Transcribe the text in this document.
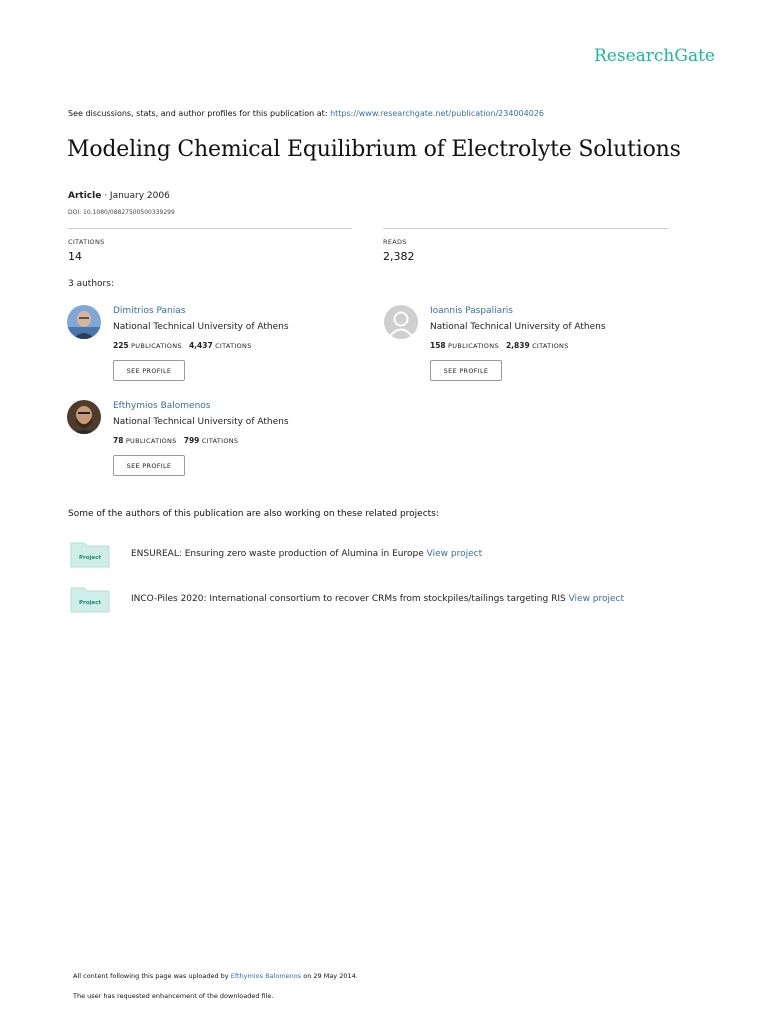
ResearchGate
See discussions, stats, and author profiles for this publication at: https://www.researchgate.net/publication/234004026
Modeling Chemical Equilibrium of Electrolyte Solutions
Article · January 2006
DOI: 10.1080/08827500500339299
CITATIONS
14
READS
2,382
3 authors:
Dimitrios Panias
National Technical University of Athens
225 PUBLICATIONS 4,437 CITATIONS
SEE PROFILE
Ioannis Paspaliaris
National Technical University of Athens
158 PUBLICATIONS 2,839 CITATIONS
SEE PROFILE
Efthymios Balomenos
National Technical University of Athens
78 PUBLICATIONS 799 CITATIONS
SEE PROFILE
Some of the authors of this publication are also working on these related projects:
Project	ENSUREAL: Ensuring zero waste production of Alumina in Europe View project
Project	INCO-Piles 2020: International consortium to recover CRMs from stockpiles/tailings targeting RIS View project
All content following this page was uploaded by Efthymios Balomenos on 29 May 2014.
The user has requested enhancement of the downloaded file.
